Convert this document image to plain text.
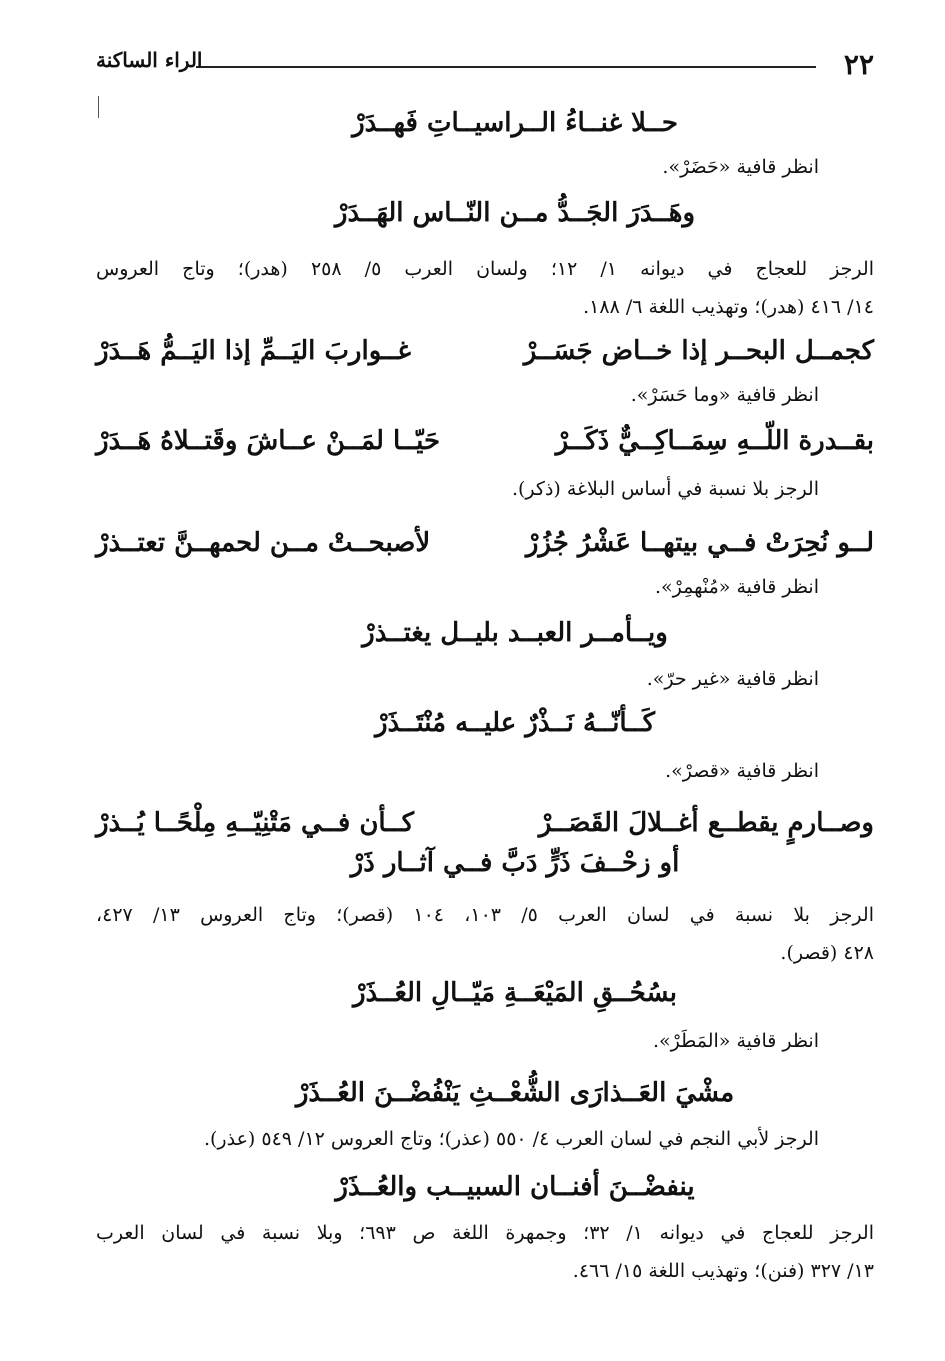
٢٢
الراء الساكنة
حــلا غنــاءُ الــراسيــاتِ فَهــدَرْ
انظر قافية «حَضَرْ».
وهَــدَرَ الجَــدُّ مــن النّــاس الهَــدَرْ
الرجز للعجاج في ديوانه ١/ ١٢؛ ولسان العرب ٥/ ٢٥٨ (هدر)؛ وتاج العروس
١٤/ ٤١٦ (هدر)؛ وتهذيب اللغة ٦/ ١٨٨.
كجمــل البحــر إذا خــاض جَسَــرْ
غــواربَ اليَــمِّ إذا اليَــمُّ هَــدَرْ
انظر قافية «وما حَسَرْ».
بقــدرة اللّــهِ سِمَــاكِــيٌّ ذَكَــرْ
حَيّــا لمَــنْ عــاشَ وقَتــلاهُ هَــدَرْ
الرجز بلا نسبة في أساس البلاغة (ذكر).
لــو نُحِرَتْ فــي بيتهــا عَشْرُ جُزُرْ
لأصبحــتْ مــن لحمهــنَّ تعتــذرْ
انظر قافية «مُنْهمِرْ».
ويــأمــر العبــد بليــل يغتــذرْ
انظر قافية «غير حرّ».
كَــأنّــهُ نَــذْرٌ عليــه مُنْتَــذَرْ
انظر قافية «قصرْ».
وصــارمٍ يقطــع أغــلالَ القَصَــرْ
كــأن فــي مَتْنِيّــهِ مِلْحًــا يُــذرْ
أو زحْــفَ ذَرٍّ دَبَّ فــي آثــار ذَرْ
الرجز بلا نسبة في لسان العرب ٥/ ١٠٣، ١٠٤ (قصر)؛ وتاج العروس ١٣/ ٤٢٧،
٤٢٨ (قصر).
بسُحُــقِ المَيْعَــةِ مَيّــالِ العُــذَرْ
انظر قافية «المَطَرْ».
مشْيَ العَــذارَى الشُّعْــثِ يَنْفُضْــنَ العُــذَرْ
الرجز لأبي النجم في لسان العرب ٤/ ٥٥٠ (عذر)؛ وتاج العروس ١٢/ ٥٤٩ (عذر).
ينفضْــنَ أفنــان السبيــب والعُــذَرْ
الرجز للعجاج في ديوانه ١/ ٣٢؛ وجمهرة اللغة ص ٦٩٣؛ وبلا نسبة في لسان العرب
١٣/ ٣٢٧ (فنن)؛ وتهذيب اللغة ١٥/ ٤٦٦.
